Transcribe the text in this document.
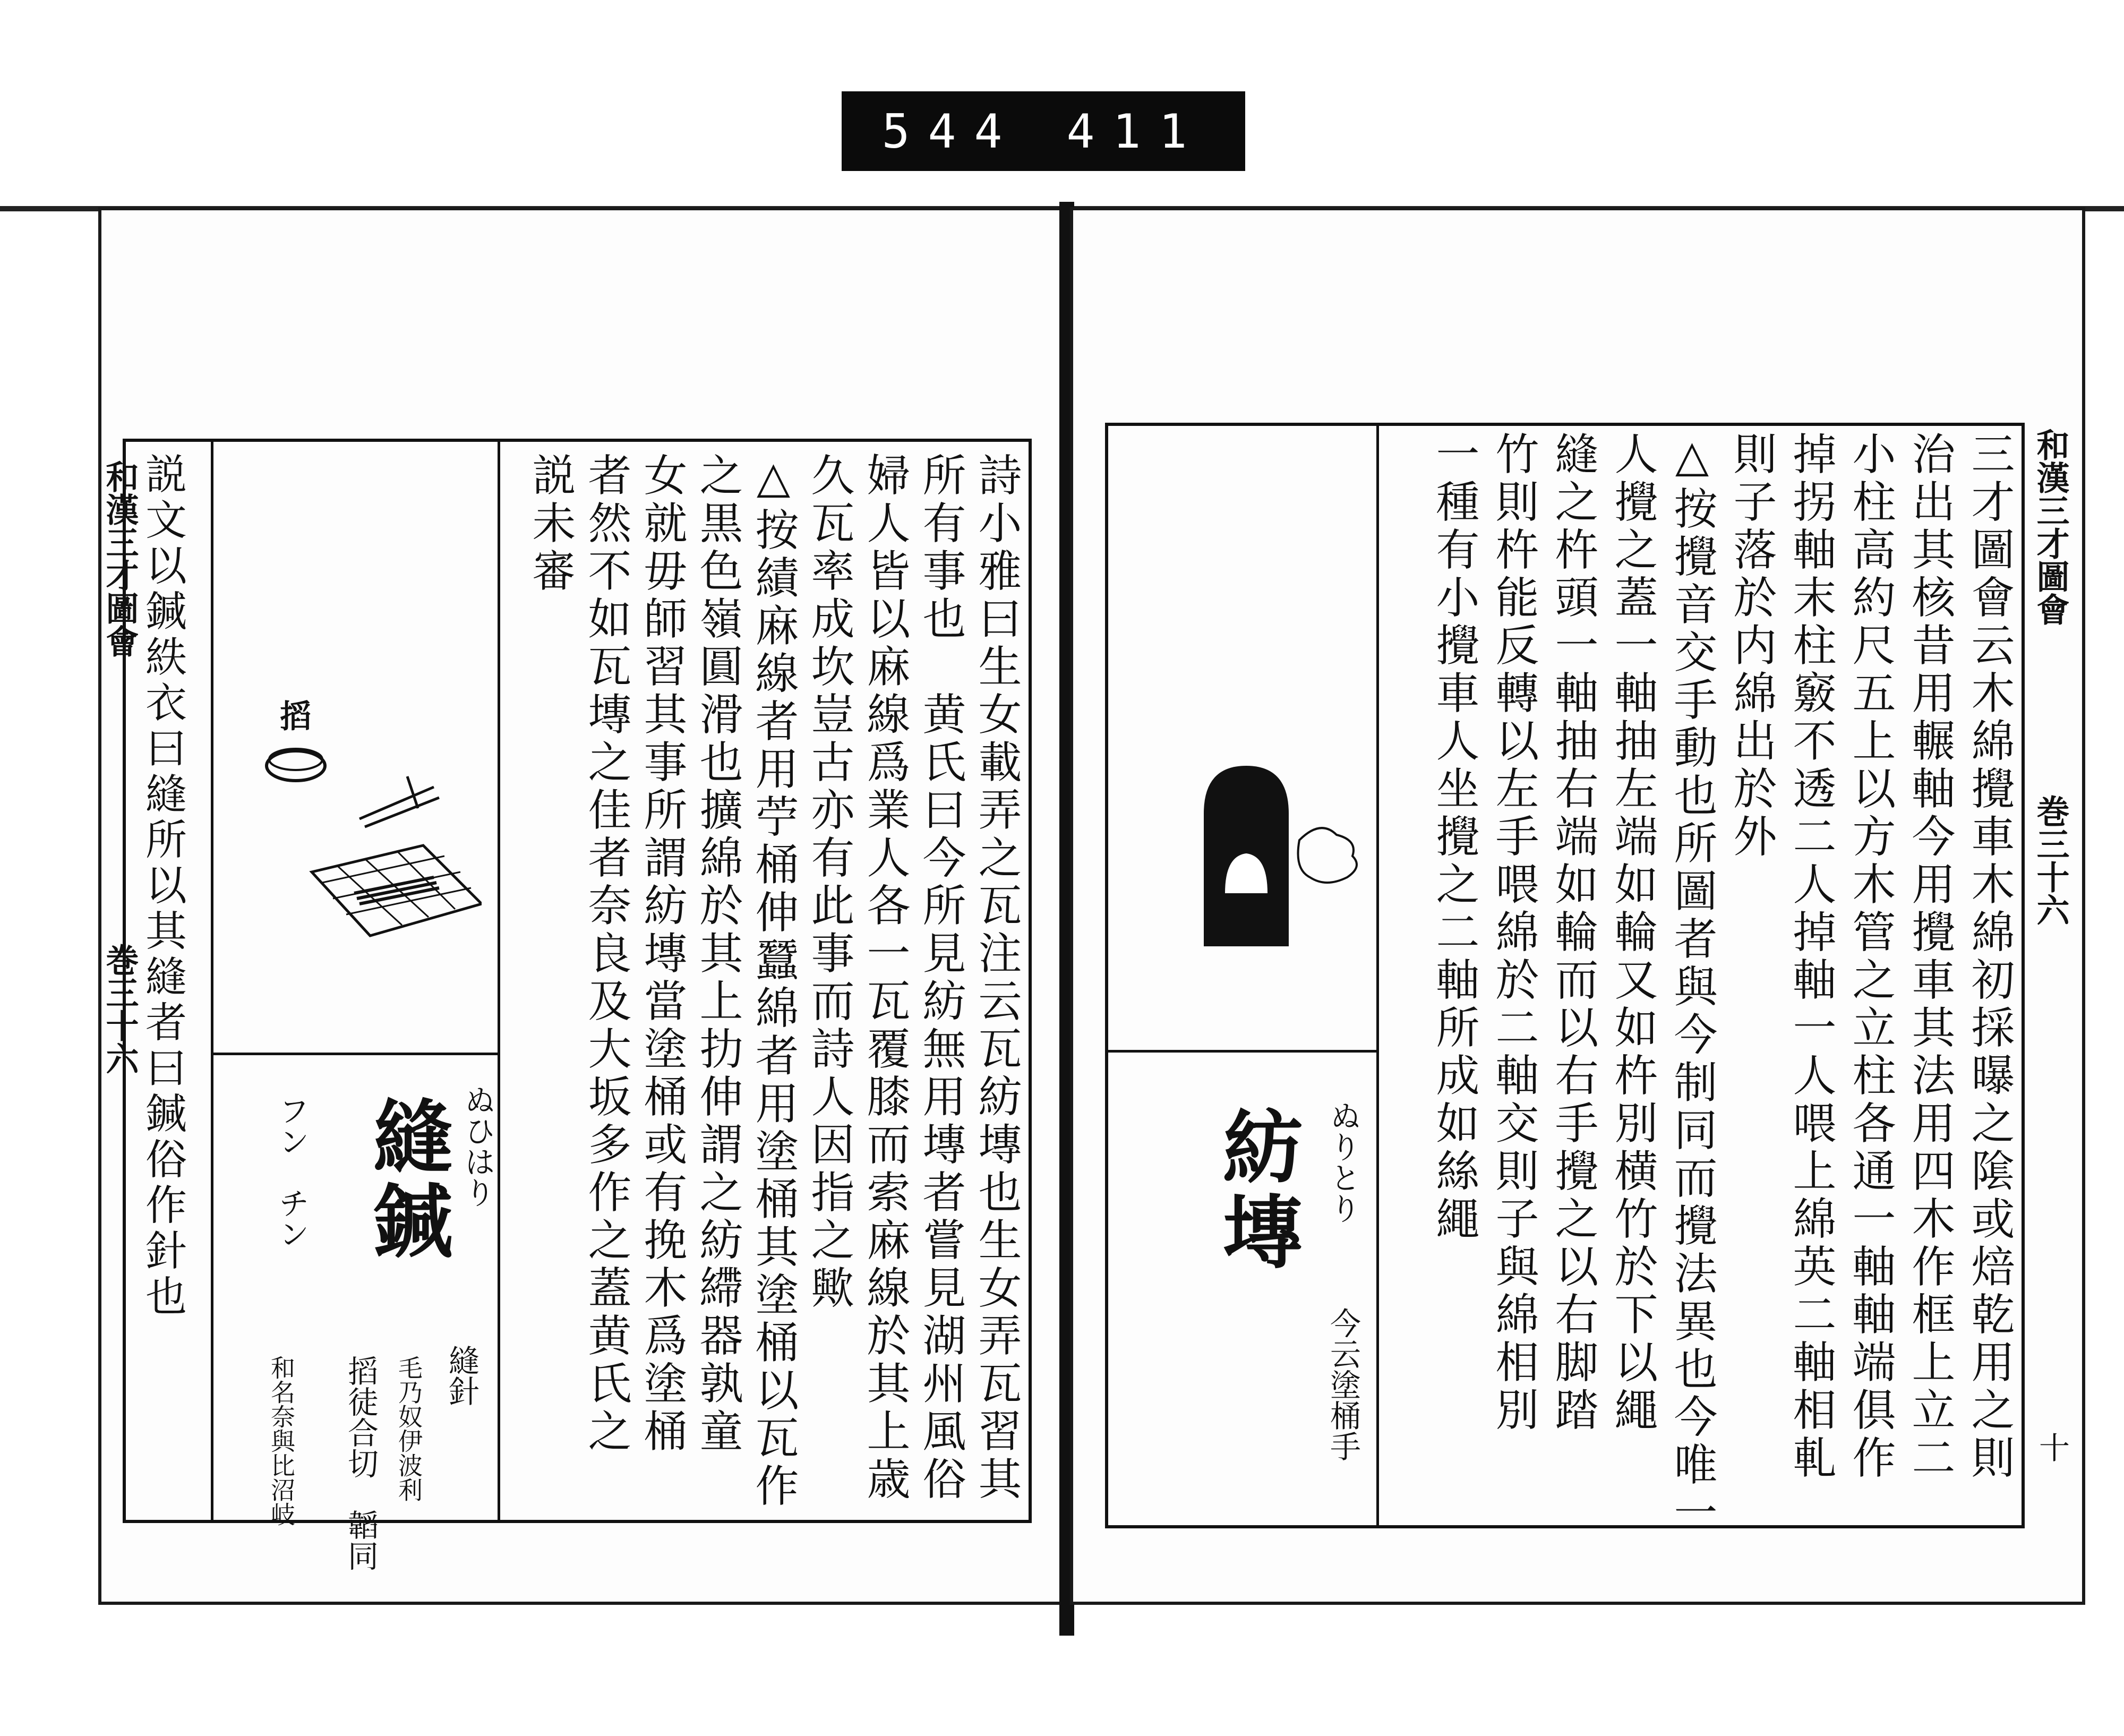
544 411
詩小雅曰生女載弄之瓦注云瓦紡塼也生女弄瓦習其
所有事也　黄氏曰今所見紡無用塼者嘗見湖州風俗
婦人皆以麻線爲業人各一瓦覆膝而索麻線於其上歳
久瓦率成坎豈古亦有此事而詩人因指之歟
△按績麻線者用苧桶伸蠶綿者用塗桶其塗桶以瓦作
之黒色嶺圓滑也擴綿於其上扐伸謂之紡𦄂器孰童
女就毋師習其事所謂紡塼當塗桶或有挽木爲塗桶
者然不如瓦塼之佳者奈良及大坂多作之蓋黄氏之
説未審
搯
縫鍼 ぬひはり
フン　チン
縫針
毛乃奴伊波利
搯徒合切　韜同
和名奈與比沼岐
説文以鍼紩衣曰縫所以其縫者曰鍼俗作針也
和漢三才圖會
巻三十六
紡塼 ぬりとり
今云塗桶手	三才圖會云木綿攪車木綿初採曝之隂或焙乾用之則
治出其核昔用輾軸今用攪車其法用四木作框上立二
小柱高約尺五上以方木管之立柱各通一軸軸端俱作
掉拐軸末柱竅不透二人掉軸一人喂上綿英二軸相軋
則子落於内綿出於外
△按攪音交手動也所圖者與今制同而攪法異也今唯一
人攪之蓋一軸抽左端如輪又如杵別横竹於下以繩
縫之杵頭一軸抽右端如輪而以右手攪之以右脚踏
竹則杵能反轉以左手喂綿於二軸交則子與綿相別
一種有小攪車人坐攪之二軸所成如絲繩	和漢三才圖會
巻三十六
十
